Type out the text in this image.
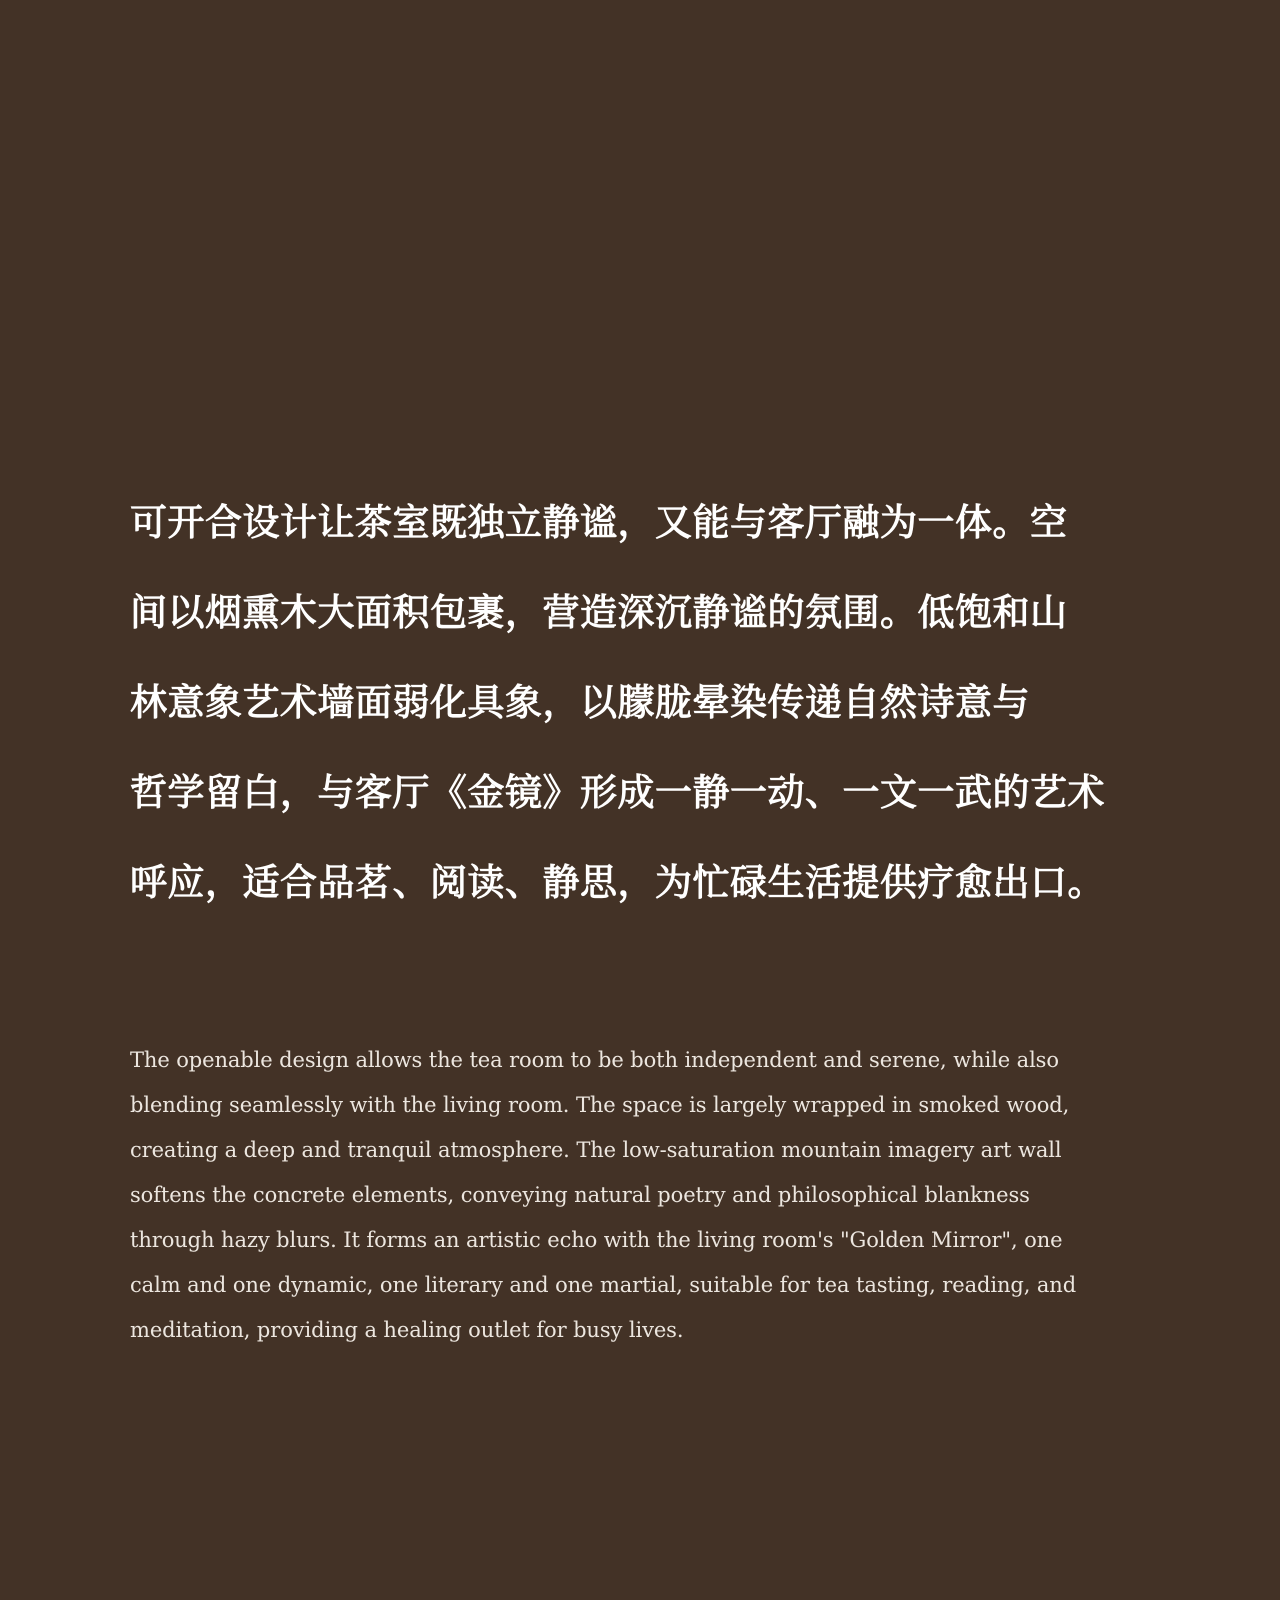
可开合设计让茶室既独立静谧，又能与客厅融为一体。空
间以烟熏木大面积包裹，营造深沉静谧的氛围。低饱和山
林意象艺术墙面弱化具象，以朦胧晕染传递自然诗意与
哲学留白，与客厅《金镜》形成一静一动、一文一武的艺术
呼应，适合品茗、阅读、静思，为忙碌生活提供疗愈出口。
The openable design allows the tea room to be both independent and serene, while also
blending seamlessly with the living room. The space is largely wrapped in smoked wood,
creating a deep and tranquil atmosphere. The low-saturation mountain imagery art wall
softens the concrete elements, conveying natural poetry and philosophical blankness
through hazy blurs. It forms an artistic echo with the living room's "Golden Mirror", one
calm and one dynamic, one literary and one martial, suitable for tea tasting, reading, and
meditation, providing a healing outlet for busy lives.
